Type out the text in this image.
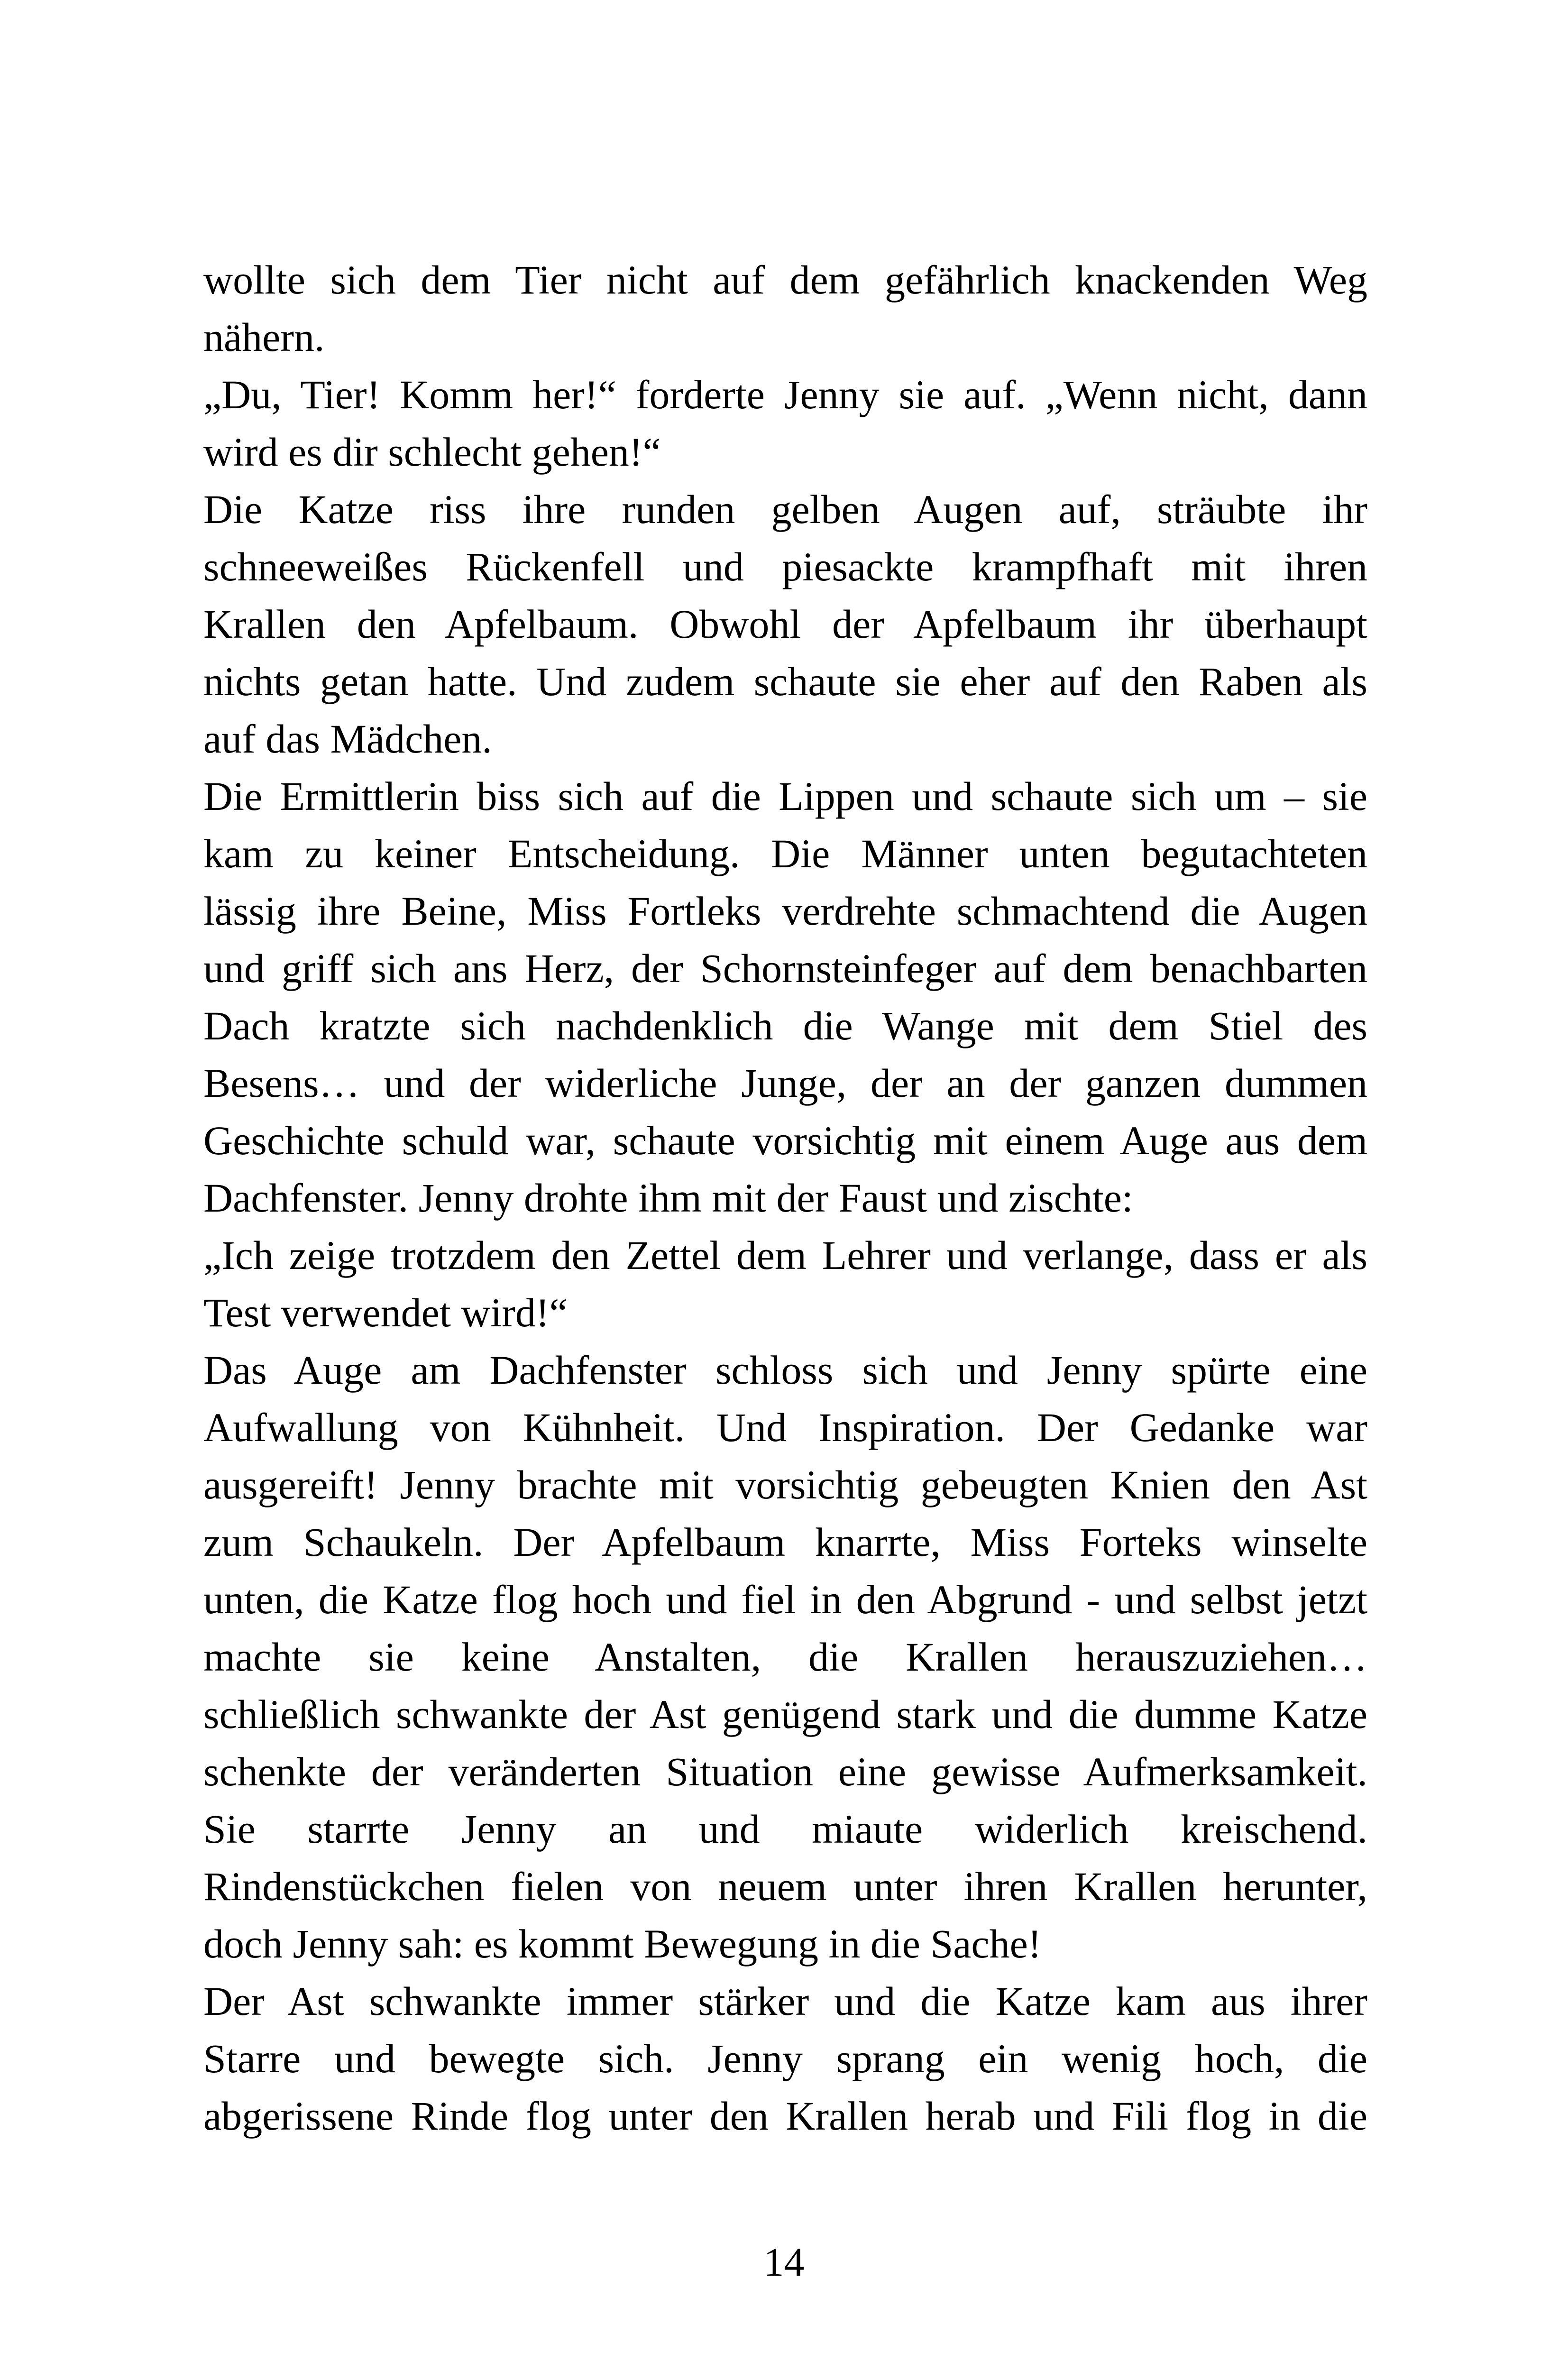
wollte sich dem Tier nicht auf dem gefährlich knackenden Weg
nähern.
„Du, Tier! Komm her!“ forderte Jenny sie auf. „Wenn nicht, dann
wird es dir schlecht gehen!“
Die Katze riss ihre runden gelben Augen auf, sträubte ihr
schneeweißes Rückenfell und piesackte krampfhaft mit ihren
Krallen den Apfelbaum. Obwohl der Apfelbaum ihr überhaupt
nichts getan hatte. Und zudem schaute sie eher auf den Raben als
auf das Mädchen.
Die Ermittlerin biss sich auf die Lippen und schaute sich um – sie
kam zu keiner Entscheidung. Die Männer unten begutachteten
lässig ihre Beine, Miss Fortleks verdrehte schmachtend die Augen
und griff sich ans Herz, der Schornsteinfeger auf dem benachbarten
Dach kratzte sich nachdenklich die Wange mit dem Stiel des
Besens… und der widerliche Junge, der an der ganzen dummen
Geschichte schuld war, schaute vorsichtig mit einem Auge aus dem
Dachfenster. Jenny drohte ihm mit der Faust und zischte:
„Ich zeige trotzdem den Zettel dem Lehrer und verlange, dass er als
Test verwendet wird!“
Das Auge am Dachfenster schloss sich und Jenny spürte eine
Aufwallung von Kühnheit. Und Inspiration. Der Gedanke war
ausgereift! Jenny brachte mit vorsichtig gebeugten Knien den Ast
zum Schaukeln. Der Apfelbaum knarrte, Miss Forteks winselte
unten, die Katze flog hoch und fiel in den Abgrund - und selbst jetzt
machte sie keine Anstalten, die Krallen herauszuziehen…
schließlich schwankte der Ast genügend stark und die dumme Katze
schenkte der veränderten Situation eine gewisse Aufmerksamkeit.
Sie starrte Jenny an und miaute widerlich kreischend.
Rindenstückchen fielen von neuem unter ihren Krallen herunter,
doch Jenny sah: es kommt Bewegung in die Sache!
Der Ast schwankte immer stärker und die Katze kam aus ihrer
Starre und bewegte sich. Jenny sprang ein wenig hoch, die
abgerissene Rinde flog unter den Krallen herab und Fili flog in die
14
